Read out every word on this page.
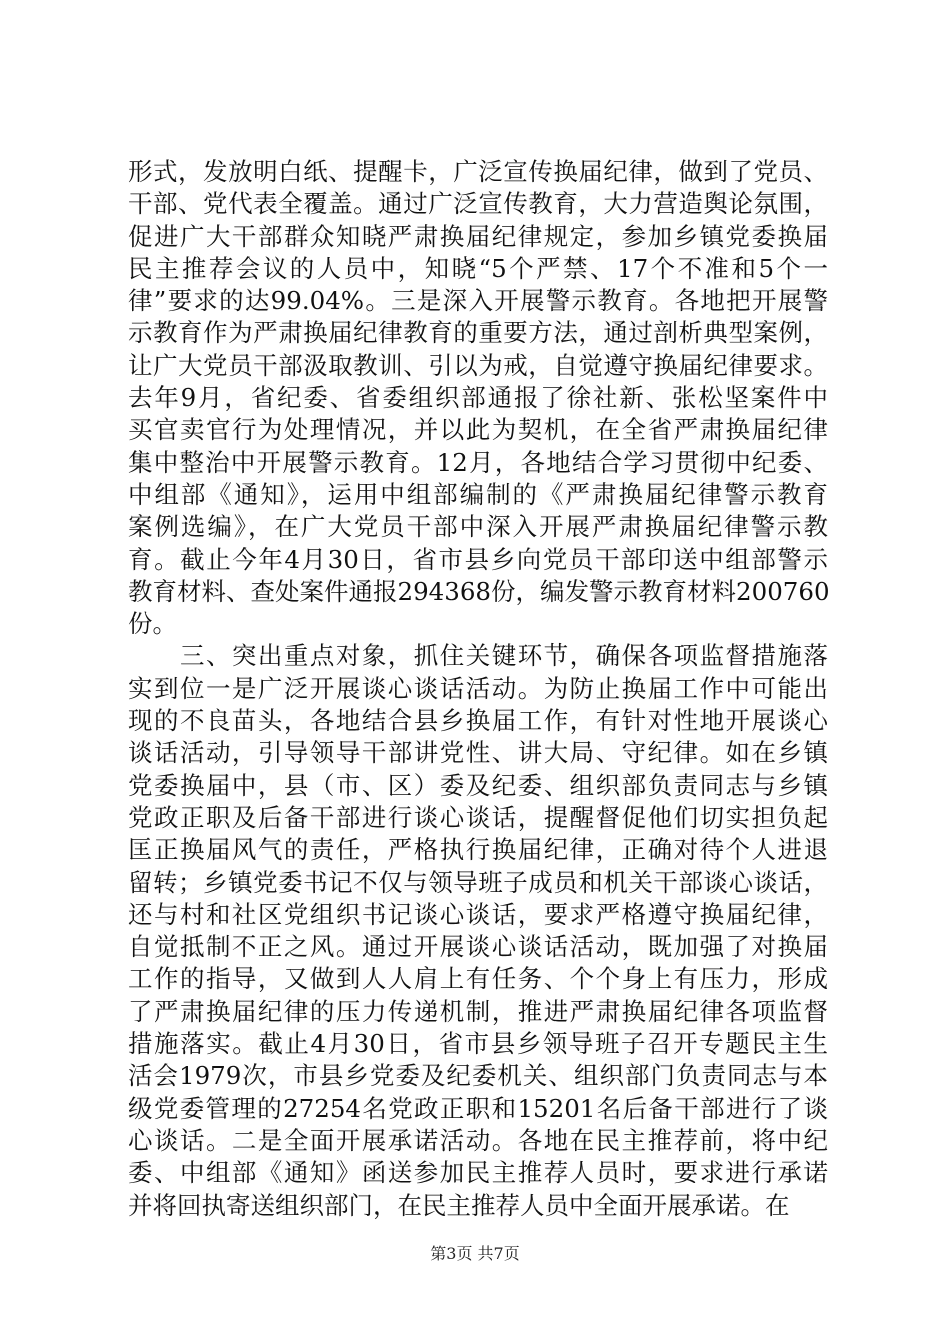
形式，发放明白纸、提醒卡，广泛宣传换届纪律，做到了党员、
干部、党代表全覆盖。通过广泛宣传教育，大力营造舆论氛围，
促进广大干部群众知晓严肃换届纪律规定，参加乡镇党委换届
民主推荐会议的人员中，知晓“5个严禁、17个不准和5个一
律”要求的达99.04%。三是深入开展警示教育。各地把开展警
示教育作为严肃换届纪律教育的重要方法，通过剖析典型案例，
让广大党员干部汲取教训、引以为戒，自觉遵守换届纪律要求。
去年9月，省纪委、省委组织部通报了徐社新、张松坚案件中
买官卖官行为处理情况，并以此为契机，在全省严肃换届纪律
集中整治中开展警示教育。12月，各地结合学习贯彻中纪委、
中组部《通知》，运用中组部编制的《严肃换届纪律警示教育
案例选编》，在广大党员干部中深入开展严肃换届纪律警示教
育。截止今年4月30日，省市县乡向党员干部印送中组部警示
教育材料、查处案件通报294368份，编发警示教育材料200760
份。
　　三、突出重点对象，抓住关键环节，确保各项监督措施落
实到位一是广泛开展谈心谈话活动。为防止换届工作中可能出
现的不良苗头，各地结合县乡换届工作，有针对性地开展谈心
谈话活动，引导领导干部讲党性、讲大局、守纪律。如在乡镇
党委换届中，县（市、区）委及纪委、组织部负责同志与乡镇
党政正职及后备干部进行谈心谈话，提醒督促他们切实担负起
匡正换届风气的责任，严格执行换届纪律，正确对待个人进退
留转；乡镇党委书记不仅与领导班子成员和机关干部谈心谈话，
还与村和社区党组织书记谈心谈话，要求严格遵守换届纪律，
自觉抵制不正之风。通过开展谈心谈话活动，既加强了对换届
工作的指导，又做到人人肩上有任务、个个身上有压力，形成
了严肃换届纪律的压力传递机制，推进严肃换届纪律各项监督
措施落实。截止4月30日，省市县乡领导班子召开专题民主生
活会1979次，市县乡党委及纪委机关、组织部门负责同志与本
级党委管理的27254名党政正职和15201名后备干部进行了谈
心谈话。二是全面开展承诺活动。各地在民主推荐前，将中纪
委、中组部《通知》函送参加民主推荐人员时，要求进行承诺
并将回执寄送组织部门，在民主推荐人员中全面开展承诺。在
第3页 共7页
